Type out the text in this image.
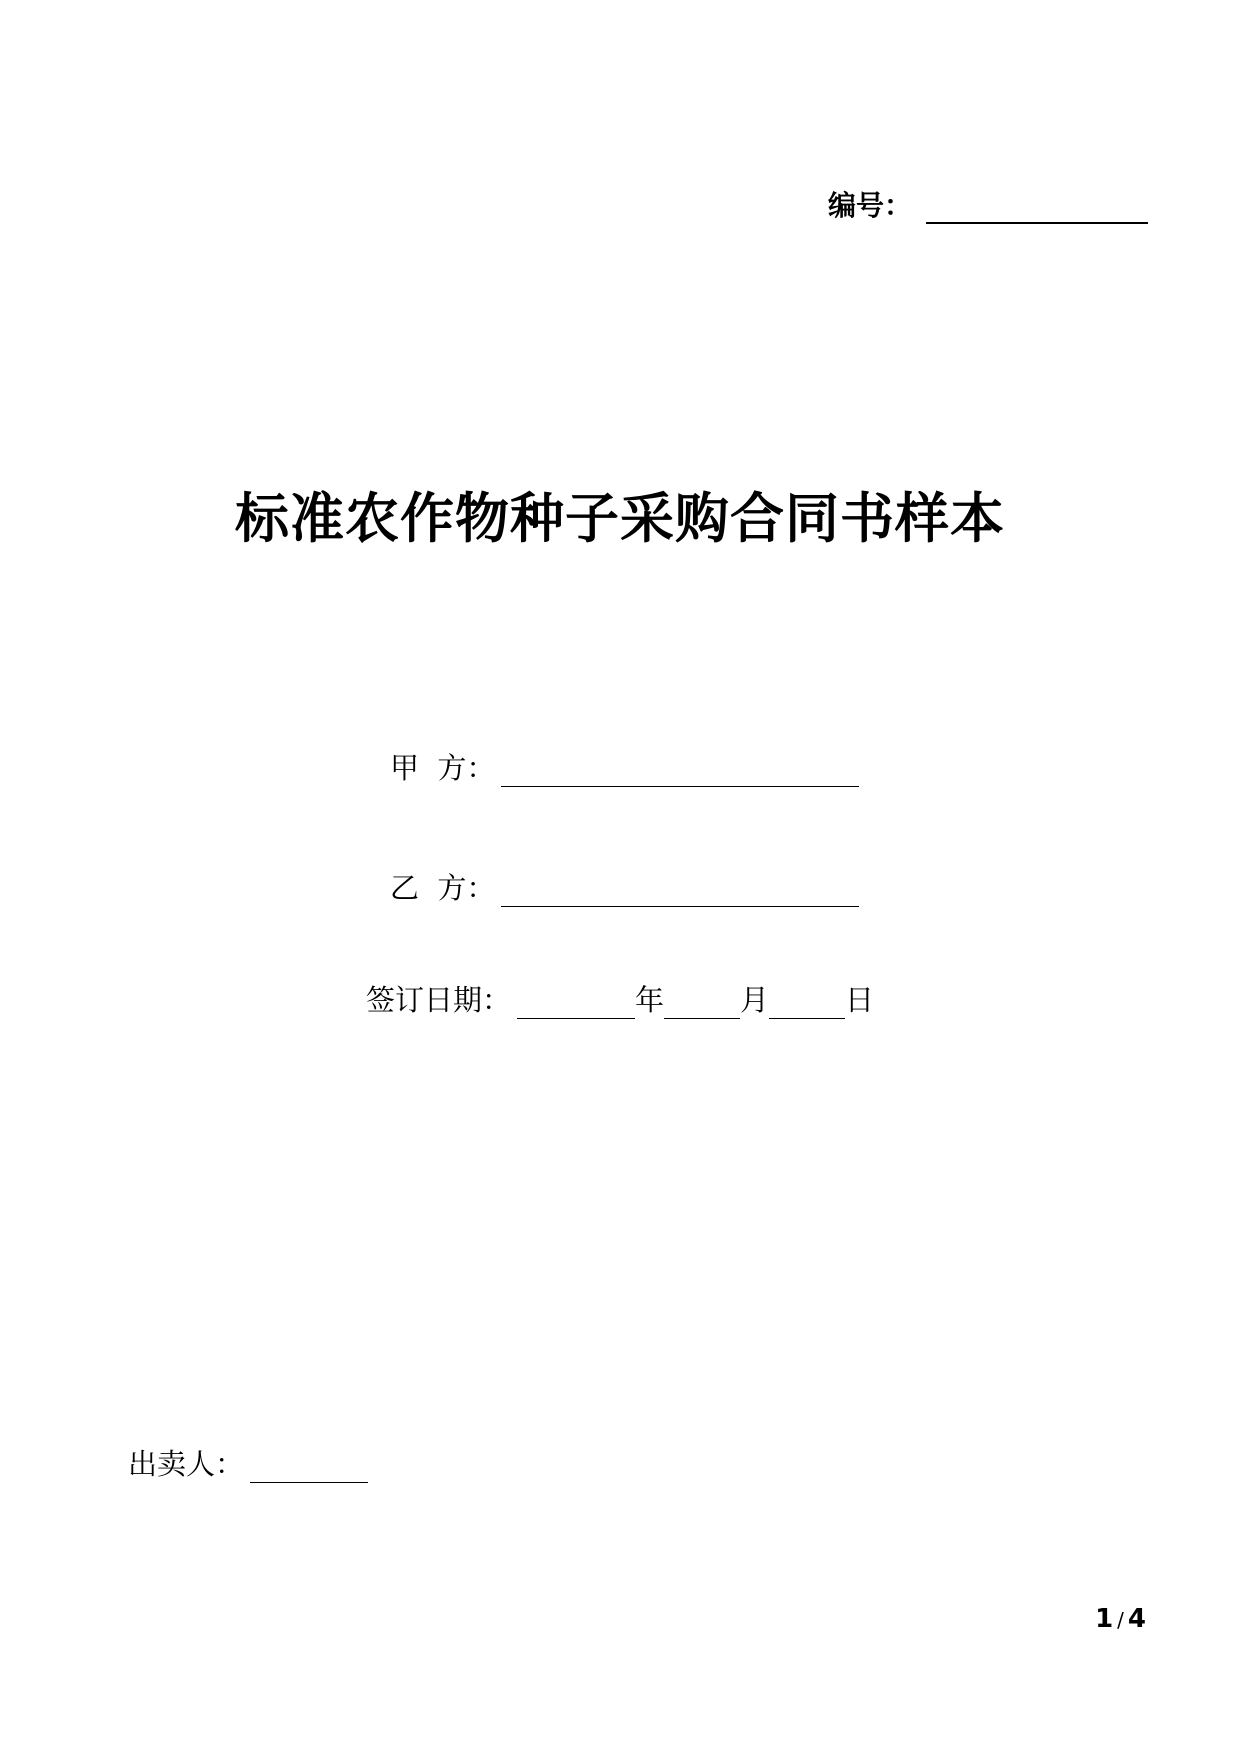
编号：
标准农作物种子采购合同书样本
甲  方：
乙  方：
签订日期：	年	月	日
出卖人：
1 / 4
